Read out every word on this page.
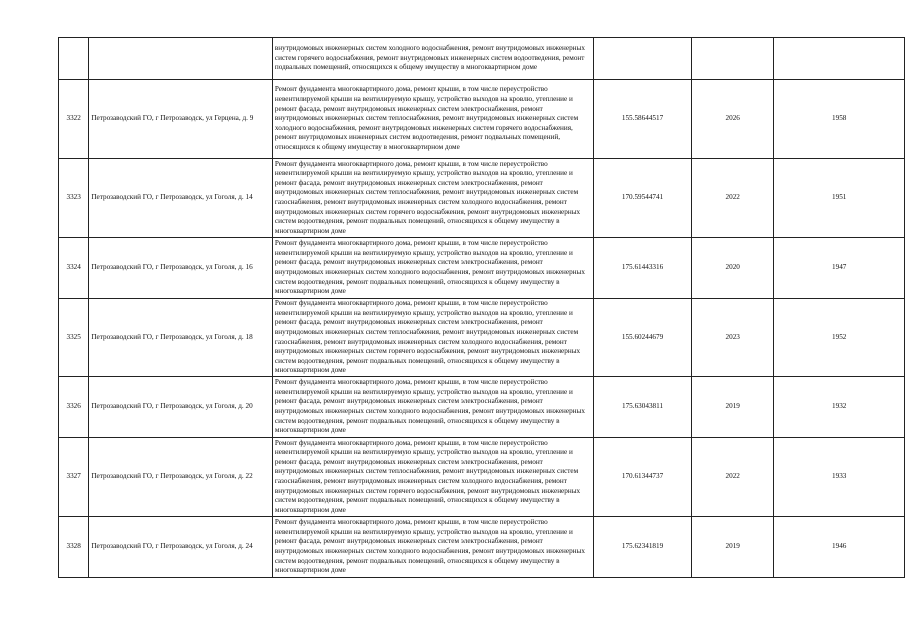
		внутридомовых инженерных систем холодного водоснабжения, ремонт внутридомовых инженерных систем горячего водоснабжения, ремонт внутридомовых инженерных систем водоотведения, ремонт подвальных помещений, относящихся к общему имуществу в многоквартирном доме			
3322	Петрозаводский ГО, г Петрозаводск, ул Герцена, д. 9	Ремонт фундамента многоквартирного дома, ремонт крыши, в том числе переустройство невентилируемой крыши на вентилируемую крышу, устройство выходов на кровлю, утепление и ремонт фасада, ремонт внутридомовых инженерных систем электроснабжения, ремонт внутридомовых инженерных систем теплоснабжения, ремонт внутридомовых инженерных систем холодного водоснабжения, ремонт внутридомовых инженерных систем горячего водоснабжения, ремонт внутридомовых инженерных систем водоотведения, ремонт подвальных помещений, относящихся к общему имуществу в многоквартирном доме	155.58644517	2026	1958
3323	Петрозаводский ГО, г Петрозаводск, ул Гоголя, д. 14	Ремонт фундамента многоквартирного дома, ремонт крыши, в том числе переустройство невентилируемой крыши на вентилируемую крышу, устройство выходов на кровлю, утепление и ремонт фасада, ремонт внутридомовых инженерных систем электроснабжения, ремонт внутридомовых инженерных систем теплоснабжения, ремонт внутридомовых инженерных систем газоснабжения, ремонт внутридомовых инженерных систем холодного водоснабжения, ремонт внутридомовых инженерных систем горячего водоснабжения, ремонт внутридомовых инженерных систем водоотведения, ремонт подвальных помещений, относящихся к общему имуществу в многоквартирном доме	170.59544741	2022	1951
3324	Петрозаводский ГО, г Петрозаводск, ул Гоголя, д. 16	Ремонт фундамента многоквартирного дома, ремонт крыши, в том числе переустройство невентилируемой крыши на вентилируемую крышу, устройство выходов на кровлю, утепление и ремонт фасада, ремонт внутридомовых инженерных систем электроснабжения, ремонт внутридомовых инженерных систем холодного водоснабжения, ремонт внутридомовых инженерных систем водоотведения, ремонт подвальных помещений, относящихся к общему имуществу в многоквартирном доме	175.61443316	2020	1947
3325	Петрозаводский ГО, г Петрозаводск, ул Гоголя, д. 18	Ремонт фундамента многоквартирного дома, ремонт крыши, в том числе переустройство невентилируемой крыши на вентилируемую крышу, устройство выходов на кровлю, утепление и ремонт фасада, ремонт внутридомовых инженерных систем электроснабжения, ремонт внутридомовых инженерных систем теплоснабжения, ремонт внутридомовых инженерных систем газоснабжения, ремонт внутридомовых инженерных систем холодного водоснабжения, ремонт внутридомовых инженерных систем горячего водоснабжения, ремонт внутридомовых инженерных систем водоотведения, ремонт подвальных помещений, относящихся к общему имуществу в многоквартирном доме	155.60244679	2023	1952
3326	Петрозаводский ГО, г Петрозаводск, ул Гоголя, д. 20	Ремонт фундамента многоквартирного дома, ремонт крыши, в том числе переустройство невентилируемой крыши на вентилируемую крышу, устройство выходов на кровлю, утепление и ремонт фасада, ремонт внутридомовых инженерных систем электроснабжения, ремонт внутридомовых инженерных систем холодного водоснабжения, ремонт внутридомовых инженерных систем водоотведения, ремонт подвальных помещений, относящихся к общему имуществу в многоквартирном доме	175.63043811	2019	1932
3327	Петрозаводский ГО, г Петрозаводск, ул Гоголя, д. 22	Ремонт фундамента многоквартирного дома, ремонт крыши, в том числе переустройство невентилируемой крыши на вентилируемую крышу, устройство выходов на кровлю, утепление и ремонт фасада, ремонт внутридомовых инженерных систем электроснабжения, ремонт внутридомовых инженерных систем теплоснабжения, ремонт внутридомовых инженерных систем газоснабжения, ремонт внутридомовых инженерных систем холодного водоснабжения, ремонт внутридомовых инженерных систем горячего водоснабжения, ремонт внутридомовых инженерных систем водоотведения, ремонт подвальных помещений, относящихся к общему имуществу в многоквартирном доме	170.61344737	2022	1933
3328	Петрозаводский ГО, г Петрозаводск, ул Гоголя, д. 24	Ремонт фундамента многоквартирного дома, ремонт крыши, в том числе переустройство невентилируемой крыши на вентилируемую крышу, устройство выходов на кровлю, утепление и ремонт фасада, ремонт внутридомовых инженерных систем электроснабжения, ремонт внутридомовых инженерных систем холодного водоснабжения, ремонт внутридомовых инженерных систем водоотведения, ремонт подвальных помещений, относящихся к общему имуществу в многоквартирном доме	175.62341819	2019	1946
